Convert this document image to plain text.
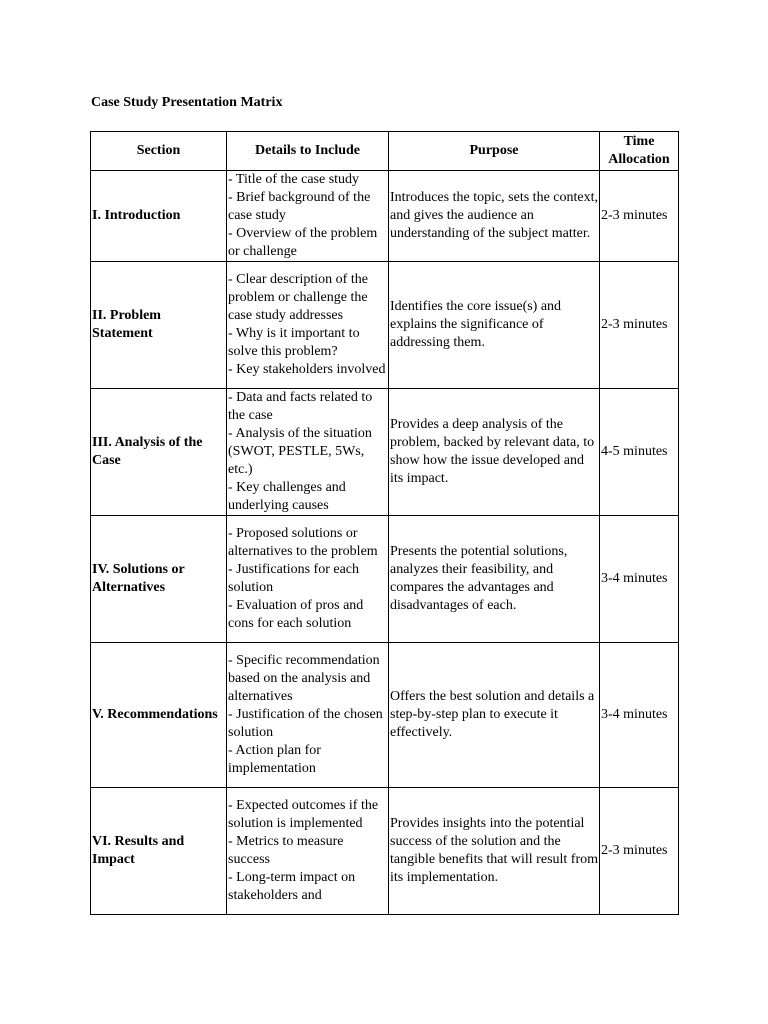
Case Study Presentation Matrix

Section	Details to Include	Purpose	Time
Allocation

I. Introduction	- Title of the case study
- Brief background of the case study
- Overview of the problem or challenge	Introduces the topic, sets the context, and gives the audience an understanding of the subject matter.	2-3 minutes
II. Problem Statement	- Clear description of the problem or challenge the case study addresses
- Why is it important to solve this problem?
- Key stakeholders involved	Identifies the core issue(s) and explains the significance of addressing them.	2-3 minutes
III. Analysis of the Case	- Data and facts related to the case
- Analysis of the situation (SWOT, PESTLE, 5Ws, etc.)
- Key challenges and underlying causes	Provides a deep analysis of the problem, backed by relevant data, to show how the issue developed and its impact.	4-5 minutes
IV. Solutions or Alternatives	- Proposed solutions or alternatives to the problem
- Justifications for each solution
- Evaluation of pros and cons for each solution	Presents the potential solutions, analyzes their feasibility, and compares the advantages and disadvantages of each.	3-4 minutes
V. Recommendations	- Specific recommendation based on the analysis and alternatives
- Justification of the chosen solution
- Action plan for implementation	Offers the best solution and details a step-by-step plan to execute it effectively.	3-4 minutes
VI. Results and Impact	- Expected outcomes if the solution is implemented
- Metrics to measure success
- Long-term impact on stakeholders and	Provides insights into the potential success of the solution and the tangible benefits that will result from its implementation.	2-3 minutes
